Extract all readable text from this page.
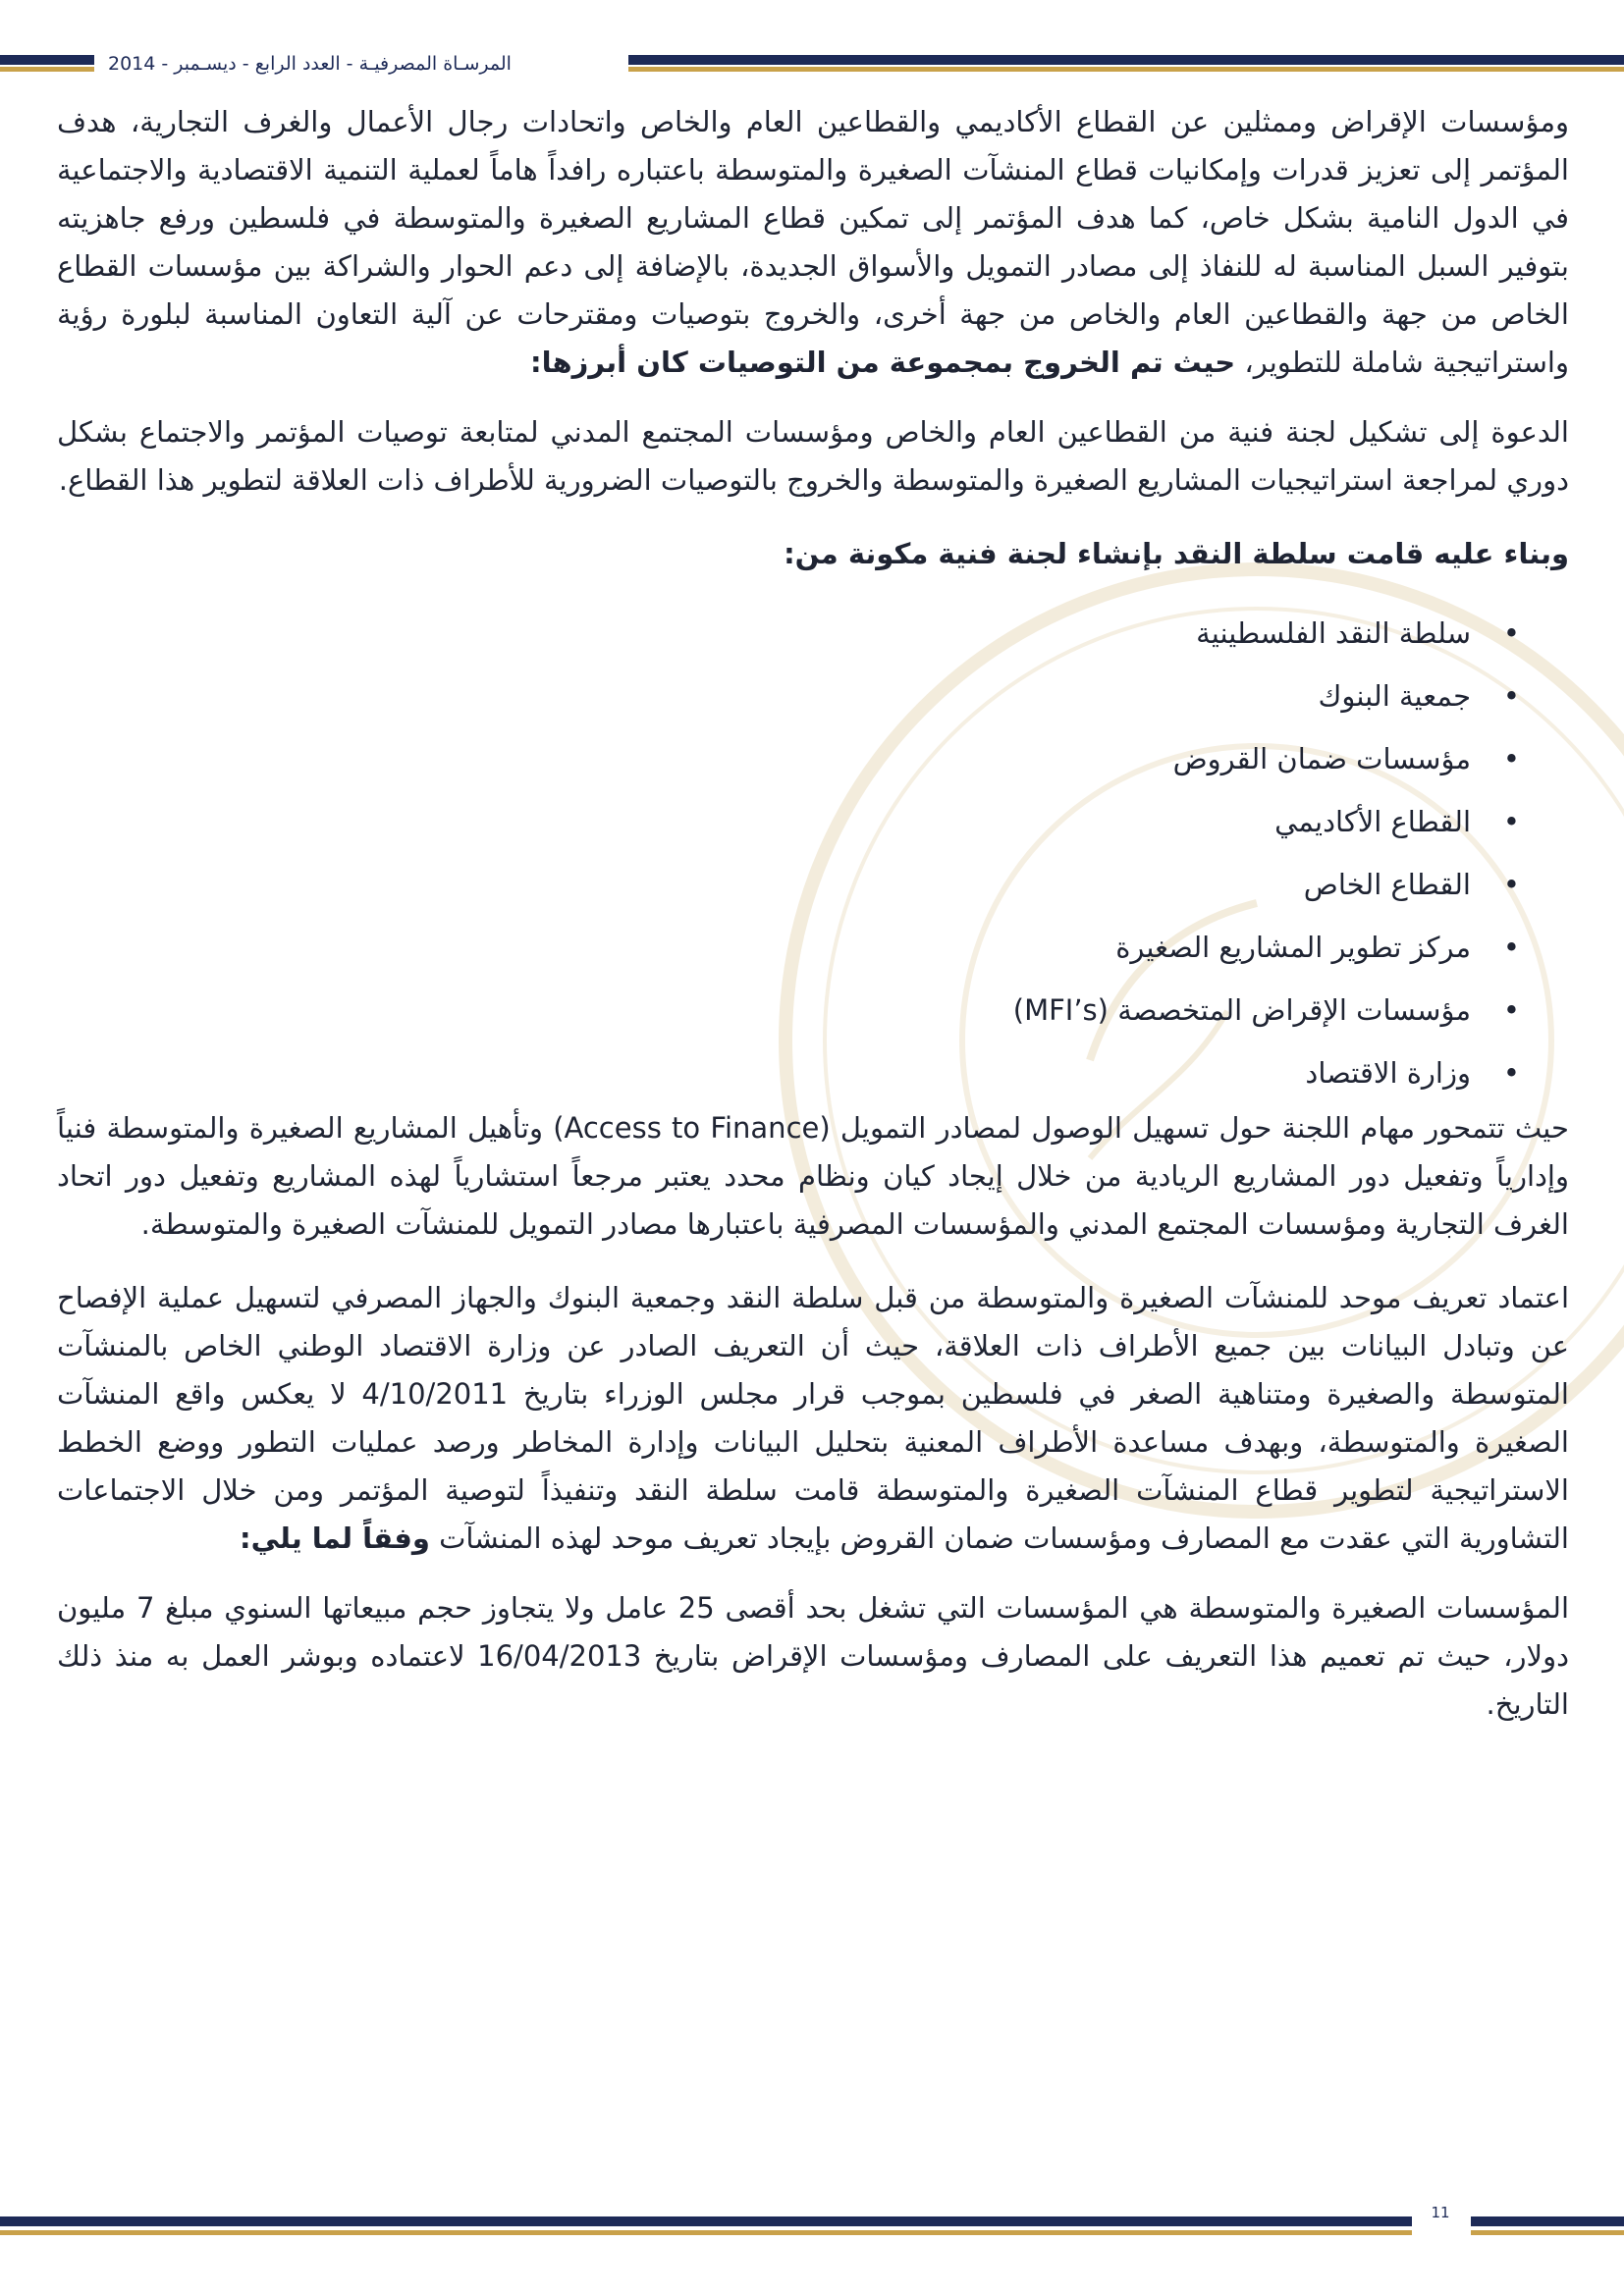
المرسـاة المصرفيـة - العدد الرابع - ديسـمبر - 2014

ومؤسسات الإقراض وممثلين عن القطاع الأكاديمي والقطاعين العام والخاص واتحادات رجال الأعمال والغرف التجارية، هدف المؤتمر إلى تعزيز قدرات وإمكانيات قطاع المنشآت الصغيرة والمتوسطة باعتباره رافداً هاماً لعملية التنمية الاقتصادية والاجتماعية في الدول النامية بشكل خاص، كما هدف المؤتمر إلى تمكين قطاع المشاريع الصغيرة والمتوسطة في فلسطين ورفع جاهزيته بتوفير السبل المناسبة له للنفاذ إلى مصادر التمويل والأسواق الجديدة، بالإضافة إلى دعم الحوار والشراكة بين مؤسسات القطاع الخاص من جهة والقطاعين العام والخاص من جهة أخرى، والخروج بتوصيات ومقترحات عن آلية التعاون المناسبة لبلورة رؤية واستراتيجية شاملة للتطوير، حيث تم الخروج بمجموعة من التوصيات كان أبرزها:

الدعوة إلى تشكيل لجنة فنية من القطاعين العام والخاص ومؤسسات المجتمع المدني لمتابعة توصيات المؤتمر والاجتماع بشكل دوري لمراجعة استراتيجيات المشاريع الصغيرة والمتوسطة والخروج بالتوصيات الضرورية للأطراف ذات العلاقة لتطوير هذا القطاع.

وبناء عليه قامت سلطة النقد بإنشاء لجنة فنية مكونة من:

•
سلطة النقد الفلسطينية
•
جمعية البنوك
•
مؤسسات ضمان القروض
•
القطاع الأكاديمي
•
القطاع الخاص
•
مركز تطوير المشاريع الصغيرة
•
مؤسسات الإقراض المتخصصة (MFI’s)
•
وزارة الاقتصاد

حيث تتمحور مهام اللجنة حول تسهيل الوصول لمصادر التمويل (Access to Finance) وتأهيل المشاريع الصغيرة والمتوسطة فنياً وإدارياً وتفعيل دور المشاريع الريادية من خلال إيجاد كيان ونظام محدد يعتبر مرجعاً استشارياً لهذه المشاريع وتفعيل دور اتحاد الغرف التجارية ومؤسسات المجتمع المدني والمؤسسات المصرفية باعتبارها مصادر التمويل للمنشآت الصغيرة والمتوسطة.

اعتماد تعريف موحد للمنشآت الصغيرة والمتوسطة من قبل سلطة النقد وجمعية البنوك والجهاز المصرفي لتسهيل عملية الإفصاح عن وتبادل البيانات بين جميع الأطراف ذات العلاقة، حيث أن التعريف الصادر عن وزارة الاقتصاد الوطني الخاص بالمنشآت المتوسطة والصغيرة ومتناهية الصغر في فلسطين بموجب قرار مجلس الوزراء بتاريخ 4/10/2011 لا يعكس واقع المنشآت الصغيرة والمتوسطة، وبهدف مساعدة الأطراف المعنية بتحليل البيانات وإدارة المخاطر ورصد عمليات التطور ووضع الخطط الاستراتيجية لتطوير قطاع المنشآت الصغيرة والمتوسطة قامت سلطة النقد وتنفيذاً لتوصية المؤتمر ومن خلال الاجتماعات التشاورية التي عقدت مع المصارف ومؤسسات ضمان القروض بإيجاد تعريف موحد لهذه المنشآت وفقاً لما يلي:

المؤسسات الصغيرة والمتوسطة هي المؤسسات التي تشغل بحد أقصى 25 عامل ولا يتجاوز حجم مبيعاتها السنوي مبلغ 7 مليون دولار، حيث تم تعميم هذا التعريف على المصارف ومؤسسات الإقراض بتاريخ 16/04/2013 لاعتماده وبوشر العمل به منذ ذلك التاريخ.

11
